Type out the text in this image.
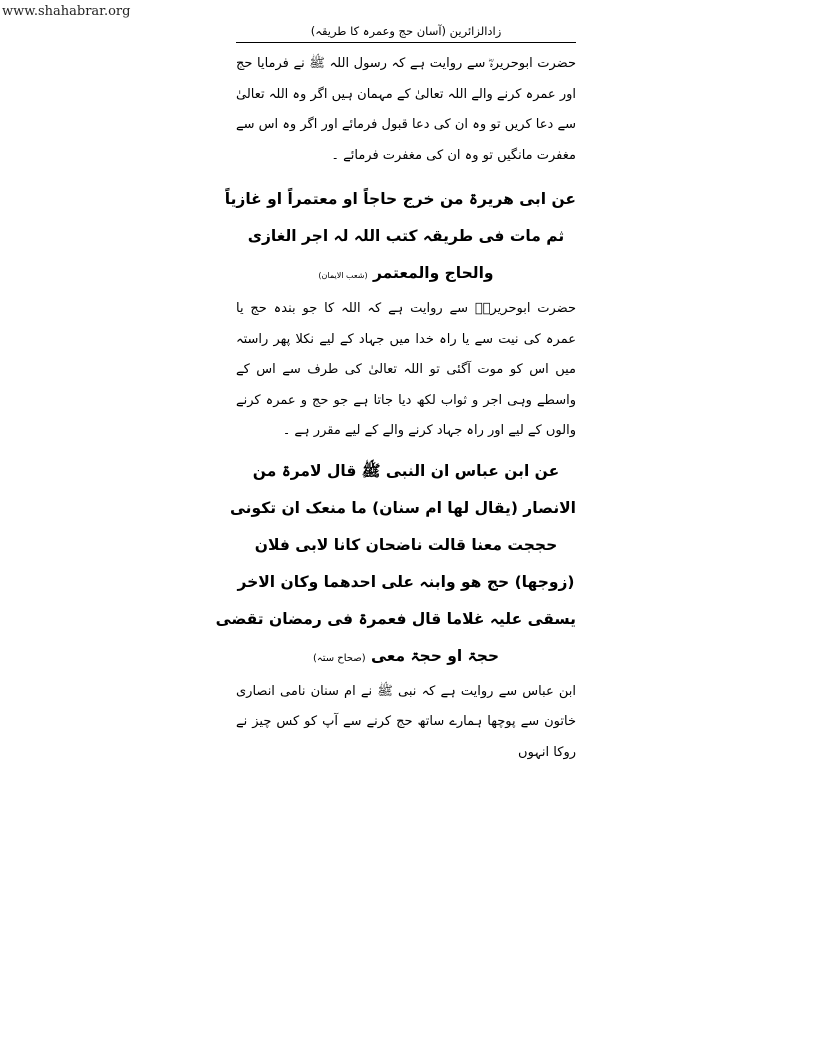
www.shahabrar.org
زادالزائرین (آسان حج وعمرہ کا طریقہ)

حضرت ابوحریرہؓ سے روایت ہے کہ رسول اللہ ﷺ نے فرمایا حج اور عمرہ کرنے والے اللہ تعالیٰ کے مہمان ہیں اگر وہ اللہ تعالیٰ سے دعا کریں تو وہ ان کی دعا قبول فرمائے اور اگر وہ اس سے مغفرت مانگیں تو وہ ان کی مغفرت فرمائے ۔

عن ابی ھریرۃ من خرج حاجاً او معتمراً او غازیاً

ثم مات فی طریقہ کتب اللہ لہ اجر الغازی

والحاج والمعتمر (شعب الایمان)

حضرت ابوحریرہؓ سے روایت ہے کہ اللہ کا جو بندہ حج یا عمرہ کی نیت سے یا راہ خدا میں جہاد کے لیے نکلا پھر راستہ میں اس کو موت آگئی تو اللہ تعالیٰ کی طرف سے اس کے واسطے وہی اجر و ثواب لکھ دیا جاتا ہے جو حج و عمرہ کرنے والوں کے لیے اور راہ جہاد کرنے والے کے لیے مقرر ہے ۔

عن ابن عباس ان النبی ﷺ قال لامرۃ من

الانصار (یقال لھا ام سنان) ما منعک ان تکونی

حججت معنا قالت ناضحان کانا لابی فلان

(زوجھا) حج ھو وابنہ علی احدھما وکان الاخر

یسقی علیہ غلاما قال فعمرۃ فی رمضان تقضی

حجۃ او حجۃ معی (صحاح ستہ)

ابن عباس سے روایت ہے کہ نبی ﷺ نے ام سنان نامی انصاری خاتون سے پوچھا ہمارے ساتھ حج کرنے سے آپ کو کس چیز نے روکا انہوں
